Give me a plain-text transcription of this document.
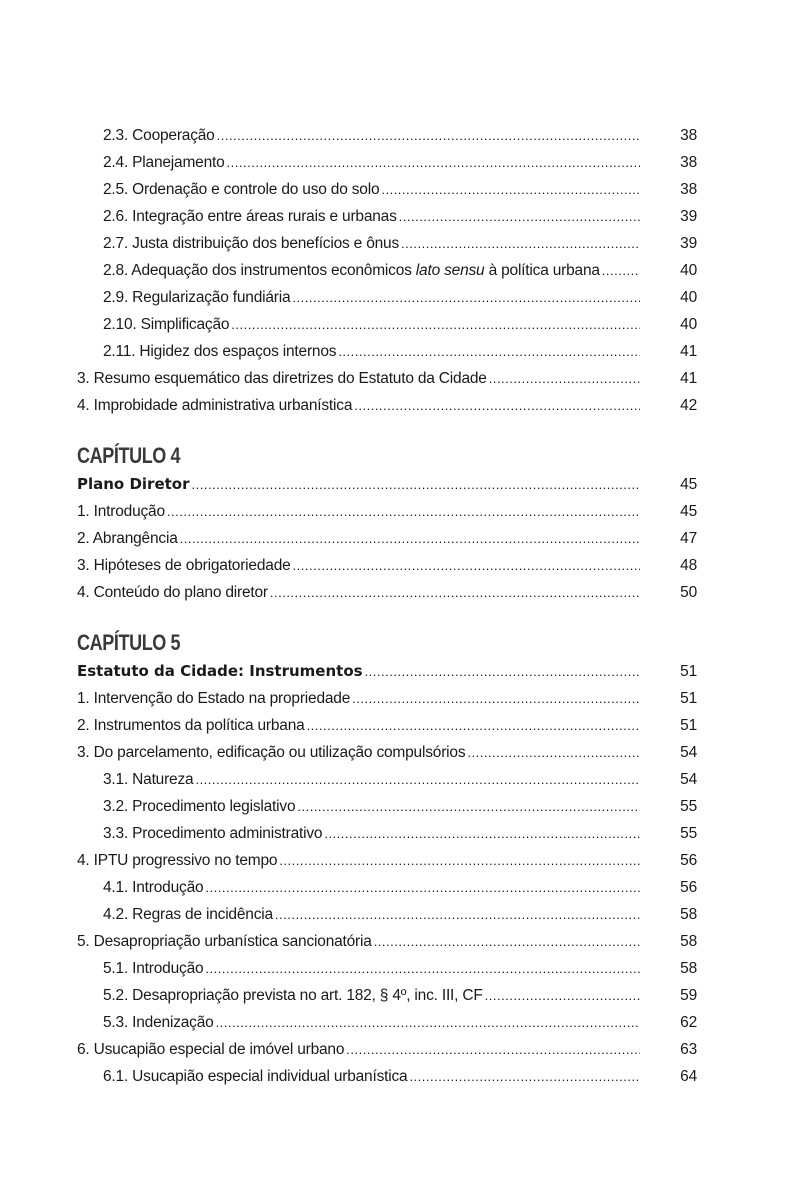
2.3. Cooperação .....	38
2.4. Planejamento .....	38
2.5. Ordenação e controle do uso do solo .....	38
2.6. Integração entre áreas rurais e urbanas .....	39
2.7. Justa distribuição dos benefícios e ônus .....	39
2.8. Adequação dos instrumentos econômicos lato sensu à política urbana .....	40
2.9. Regularização fundiária .....	40
2.10. Simplificação .....	40
2.11. Higidez dos espaços internos .....	41
3. Resumo esquemático das diretrizes do Estatuto da Cidade .....	41
4. Improbidade administrativa urbanística .....	42
CAPÍTULO 4
Plano Diretor .....	45
1. Introdução .....	45
2. Abrangência .....	47
3. Hipóteses de obrigatoriedade .....	48
4. Conteúdo do plano diretor .....	50
CAPÍTULO 5
Estatuto da Cidade: Instrumentos .....	51
1. Intervenção do Estado na propriedade .....	51
2. Instrumentos da política urbana .....	51
3. Do parcelamento, edificação ou utilização compulsórios .....	54
3.1. Natureza .....	54
3.2. Procedimento legislativo .....	55
3.3. Procedimento administrativo .....	55
4. IPTU progressivo no tempo .....	56
4.1. Introdução .....	56
4.2. Regras de incidência .....	58
5. Desapropriação urbanística sancionatória .....	58
5.1. Introdução .....	58
5.2. Desapropriação prevista no art. 182, § 4º, inc. III, CF .....	59
5.3. Indenização .....	62
6. Usucapião especial de imóvel urbano .....	63
6.1. Usucapião especial individual urbanística .....	64
